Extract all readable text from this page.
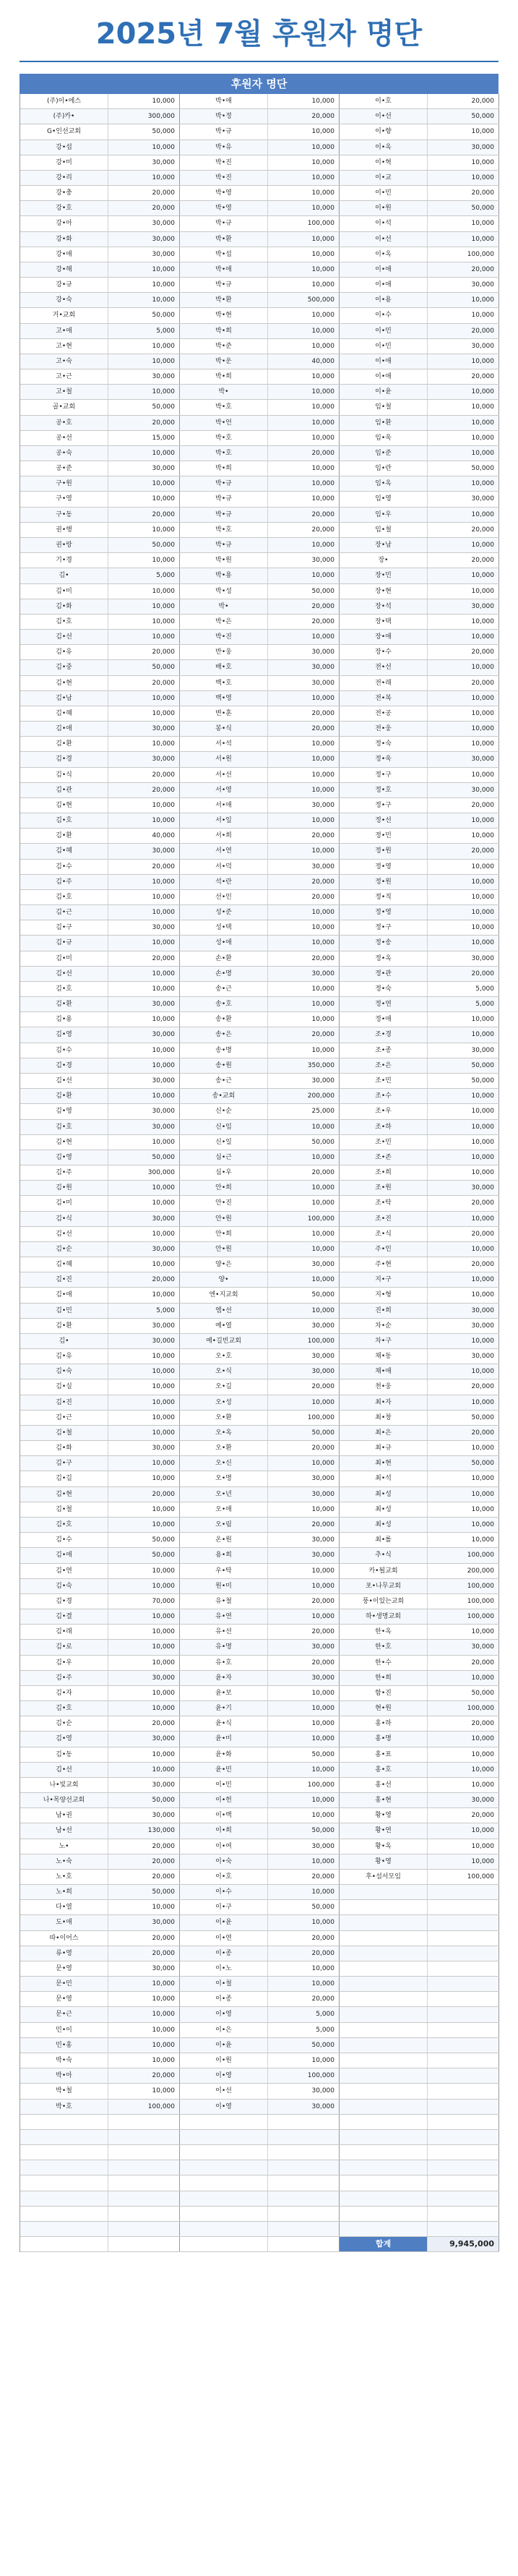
2025년 7월 후원자 명단
후원자 명단
(주)이•에스	10,000
(주)카•	300,000
G•인선교회	50,000
강•섭	10,000
강•미	30,000
강•리	10,000
강•충	20,000
강•호	20,000
강•아	30,000
강•화	30,000
강•애	30,000
강•해	10,000
강•규	10,000
강•숙	10,000
거•교회	50,000
고•애	5,000
고•현	10,000
고•숙	10,000
고•근	30,000
고•철	10,000
골•교회	50,000
공•호	20,000
공•선	15,000
공•숙	10,000
공•준	30,000
구•원	10,000
구•영	10,000
구•동	20,000
권•행	10,000
권•랑	50,000
기•경	10,000
김•	5,000
김•미	10,000
김•화	10,000
김•호	10,000
김•선	10,000
김•유	20,000
김•중	50,000
김•현	20,000
김•남	10,000
김•혜	10,000
김•애	30,000
김•환	10,000
김•경	30,000
김•식	20,000
김•관	20,000
김•현	10,000
김•호	10,000
김•환	40,000
김•혜	30,000
김•수	20,000
김•주	10,000
김•호	10,000
김•근	10,000
김•구	30,000
김•규	10,000
김•미	20,000
김•선	10,000
김•호	10,000
김•환	30,000
김•용	10,000
김•영	30,000
김•수	10,000
김•경	10,000
김•선	30,000
김•환	10,000
김•영	30,000
김•호	30,000
김•현	10,000
김•영	50,000
김•주	300,000
김•원	10,000
김•미	10,000
김•식	30,000
김•선	10,000
김•순	30,000
김•혜	10,000
김•진	20,000
김•애	10,000
김•민	5,000
김•환	30,000
김•	30,000
김•유	10,000
김•숙	10,000
김•실	10,000
김•진	10,000
김•근	10,000
김•철	10,000
김•화	30,000
김•구	10,000
김•길	10,000
김•현	20,000
김•철	10,000
김•호	10,000
김•수	50,000
김•애	50,000
김•연	10,000
김•숙	10,000
김•경	70,000
김•결	10,000
김•래	10,000
김•로	10,000
김•우	10,000
김•주	30,000
김•자	10,000
김•호	10,000
김•순	20,000
김•영	30,000
김•동	10,000
김•선	10,000
나•빛교회	30,000
나•목양선교회	50,000
남•권	30,000
남•선	130,000
노•	20,000
노•숙	20,000
노•호	20,000
노•희	50,000
다•열	10,000
도•애	30,000
따•이어스	20,000
류•영	20,000
문•영	30,000
문•민	10,000
문•영	10,000
문•근	10,000
민•이	10,000
민•홍	10,000
박•숙	10,000
박•아	20,000
박•철	10,000
박•호	100,000
박•애	10,000
박•정	20,000
박•규	10,000
박•유	10,000
박•진	10,000
박•진	10,000
박•영	10,000
박•영	10,000
박•규	100,000
박•환	10,000
박•섭	10,000
박•애	10,000
박•규	10,000
박•환	500,000
박•현	10,000
박•희	10,000
박•준	10,000
박•운	40,000
박•희	10,000
박•	10,000
박•호	10,000
박•언	10,000
박•호	10,000
박•호	20,000
박•희	10,000
박•규	10,000
박•규	10,000
박•규	20,000
박•호	20,000
박•규	10,000
박•원	30,000
박•용	10,000
박•성	50,000
박•	20,000
박•은	20,000
박•진	10,000
반•웅	30,000
배•호	30,000
백•호	30,000
백•영	10,000
변•훈	20,000
봉•식	20,000
서•석	10,000
서•원	10,000
서•선	10,000
서•영	10,000
서•애	30,000
서•일	10,000
서•희	20,000
서•연	10,000
서•덕	30,000
석•란	20,000
선•인	20,000
성•준	10,000
성•택	10,000
성•애	10,000
손•환	20,000
손•명	30,000
송•근	10,000
송•호	10,000
송•환	10,000
송•은	20,000
송•명	10,000
송•원	350,000
송•근	30,000
송•교회	200,000
신•순	25,000
신•임	10,000
신•일	50,000
심•근	10,000
심•우	20,000
안•희	10,000
안•진	10,000
안•원	100,000
안•희	10,000
안•원	10,000
양•은	30,000
양•	10,000
엔•지교회	50,000
엠•선	10,000
예•열	30,000
예•길빈교회	100,000
오•호	30,000
오•식	30,000
오•길	20,000
오•성	10,000
오•환	100,000
오•옥	50,000
오•환	20,000
오•신	10,000
오•명	30,000
오•년	30,000
오•애	10,000
오•림	20,000
온•원	30,000
용•희	30,000
우•탁	10,000
원•미	10,000
유•철	20,000
유•연	10,000
유•선	20,000
유•명	30,000
유•호	20,000
윤•자	30,000
윤•보	10,000
윤•기	10,000
윤•식	10,000
윤•미	10,000
윤•화	50,000
윤•민	10,000
이•민	100,000
이•헌	10,000
이•백	10,000
이•희	50,000
이•여	30,000
이•숙	10,000
이•호	20,000
이•수	10,000
이•구	50,000
이•윤	10,000
이•연	20,000
이•종	20,000
이•노	10,000
이•철	10,000
이•종	20,000
이•영	5,000
이•은	5,000
이•윤	50,000
이•원	10,000
이•영	100,000
이•선	30,000
이•영	30,000
이•호	20,000
이•선	50,000
이•향	10,000
이•옥	30,000
이•혁	10,000
이•교	10,000
이•민	20,000
이•원	50,000
이•석	10,000
이•선	10,000
이•옥	100,000
이•애	20,000
이•애	30,000
이•용	10,000
이•수	10,000
이•민	20,000
이•민	30,000
이•애	10,000
이•애	20,000
이•윤	10,000
임•철	10,000
임•환	10,000
임•욱	10,000
임•준	10,000
임•란	50,000
임•옥	10,000
임•영	30,000
임•우	10,000
임•철	20,000
장•남	10,000
장•	20,000
장•민	10,000
장•현	10,000
장•석	30,000
장•택	10,000
장•애	10,000
장•수	20,000
전•선	10,000
전•래	20,000
전•복	10,000
전•공	10,000
전•웅	10,000
정•숙	10,000
정•욱	30,000
정•구	10,000
정•호	30,000
정•구	20,000
정•선	10,000
정•민	10,000
정•원	20,000
정•영	10,000
정•원	10,000
정•직	10,000
정•영	10,000
정•구	10,000
정•송	10,000
정•옥	30,000
정•관	20,000
정•숙	5,000
정•연	5,000
정•애	10,000
조•경	10,000
조•종	30,000
조•은	50,000
조•민	50,000
조•수	10,000
조•우	10,000
조•하	10,000
조•민	10,000
조•존	10,000
조•희	10,000
조•원	30,000
조•탁	20,000
조•진	10,000
조•식	20,000
주•인	10,000
주•현	20,000
지•구	10,000
지•형	10,000
진•희	30,000
차•순	30,000
차•구	10,000
채•동	30,000
채•애	10,000
천•웅	20,000
최•자	10,000
최•창	50,000
최•은	20,000
최•규	10,000
최•현	50,000
최•석	10,000
최•성	10,000
최•성	10,000
최•성	10,000
최•롤	10,000
추•식	100,000
카•될교회	200,000
포•나무교회	100,000
풍•이있는교회	100,000
하•생명교회	100,000
한•옥	10,000
한•호	30,000
한•수	20,000
한•희	10,000
함•진	50,000
현•원	100,000
홍•하	20,000
홍•명	10,000
홍•표	10,000
홍•호	10,000
홍•선	10,000
홍•현	30,000
황•영	20,000
황•연	10,000
황•옥	10,000
황•영	10,000
후•섬서모임	100,000
합계	9,945,000
